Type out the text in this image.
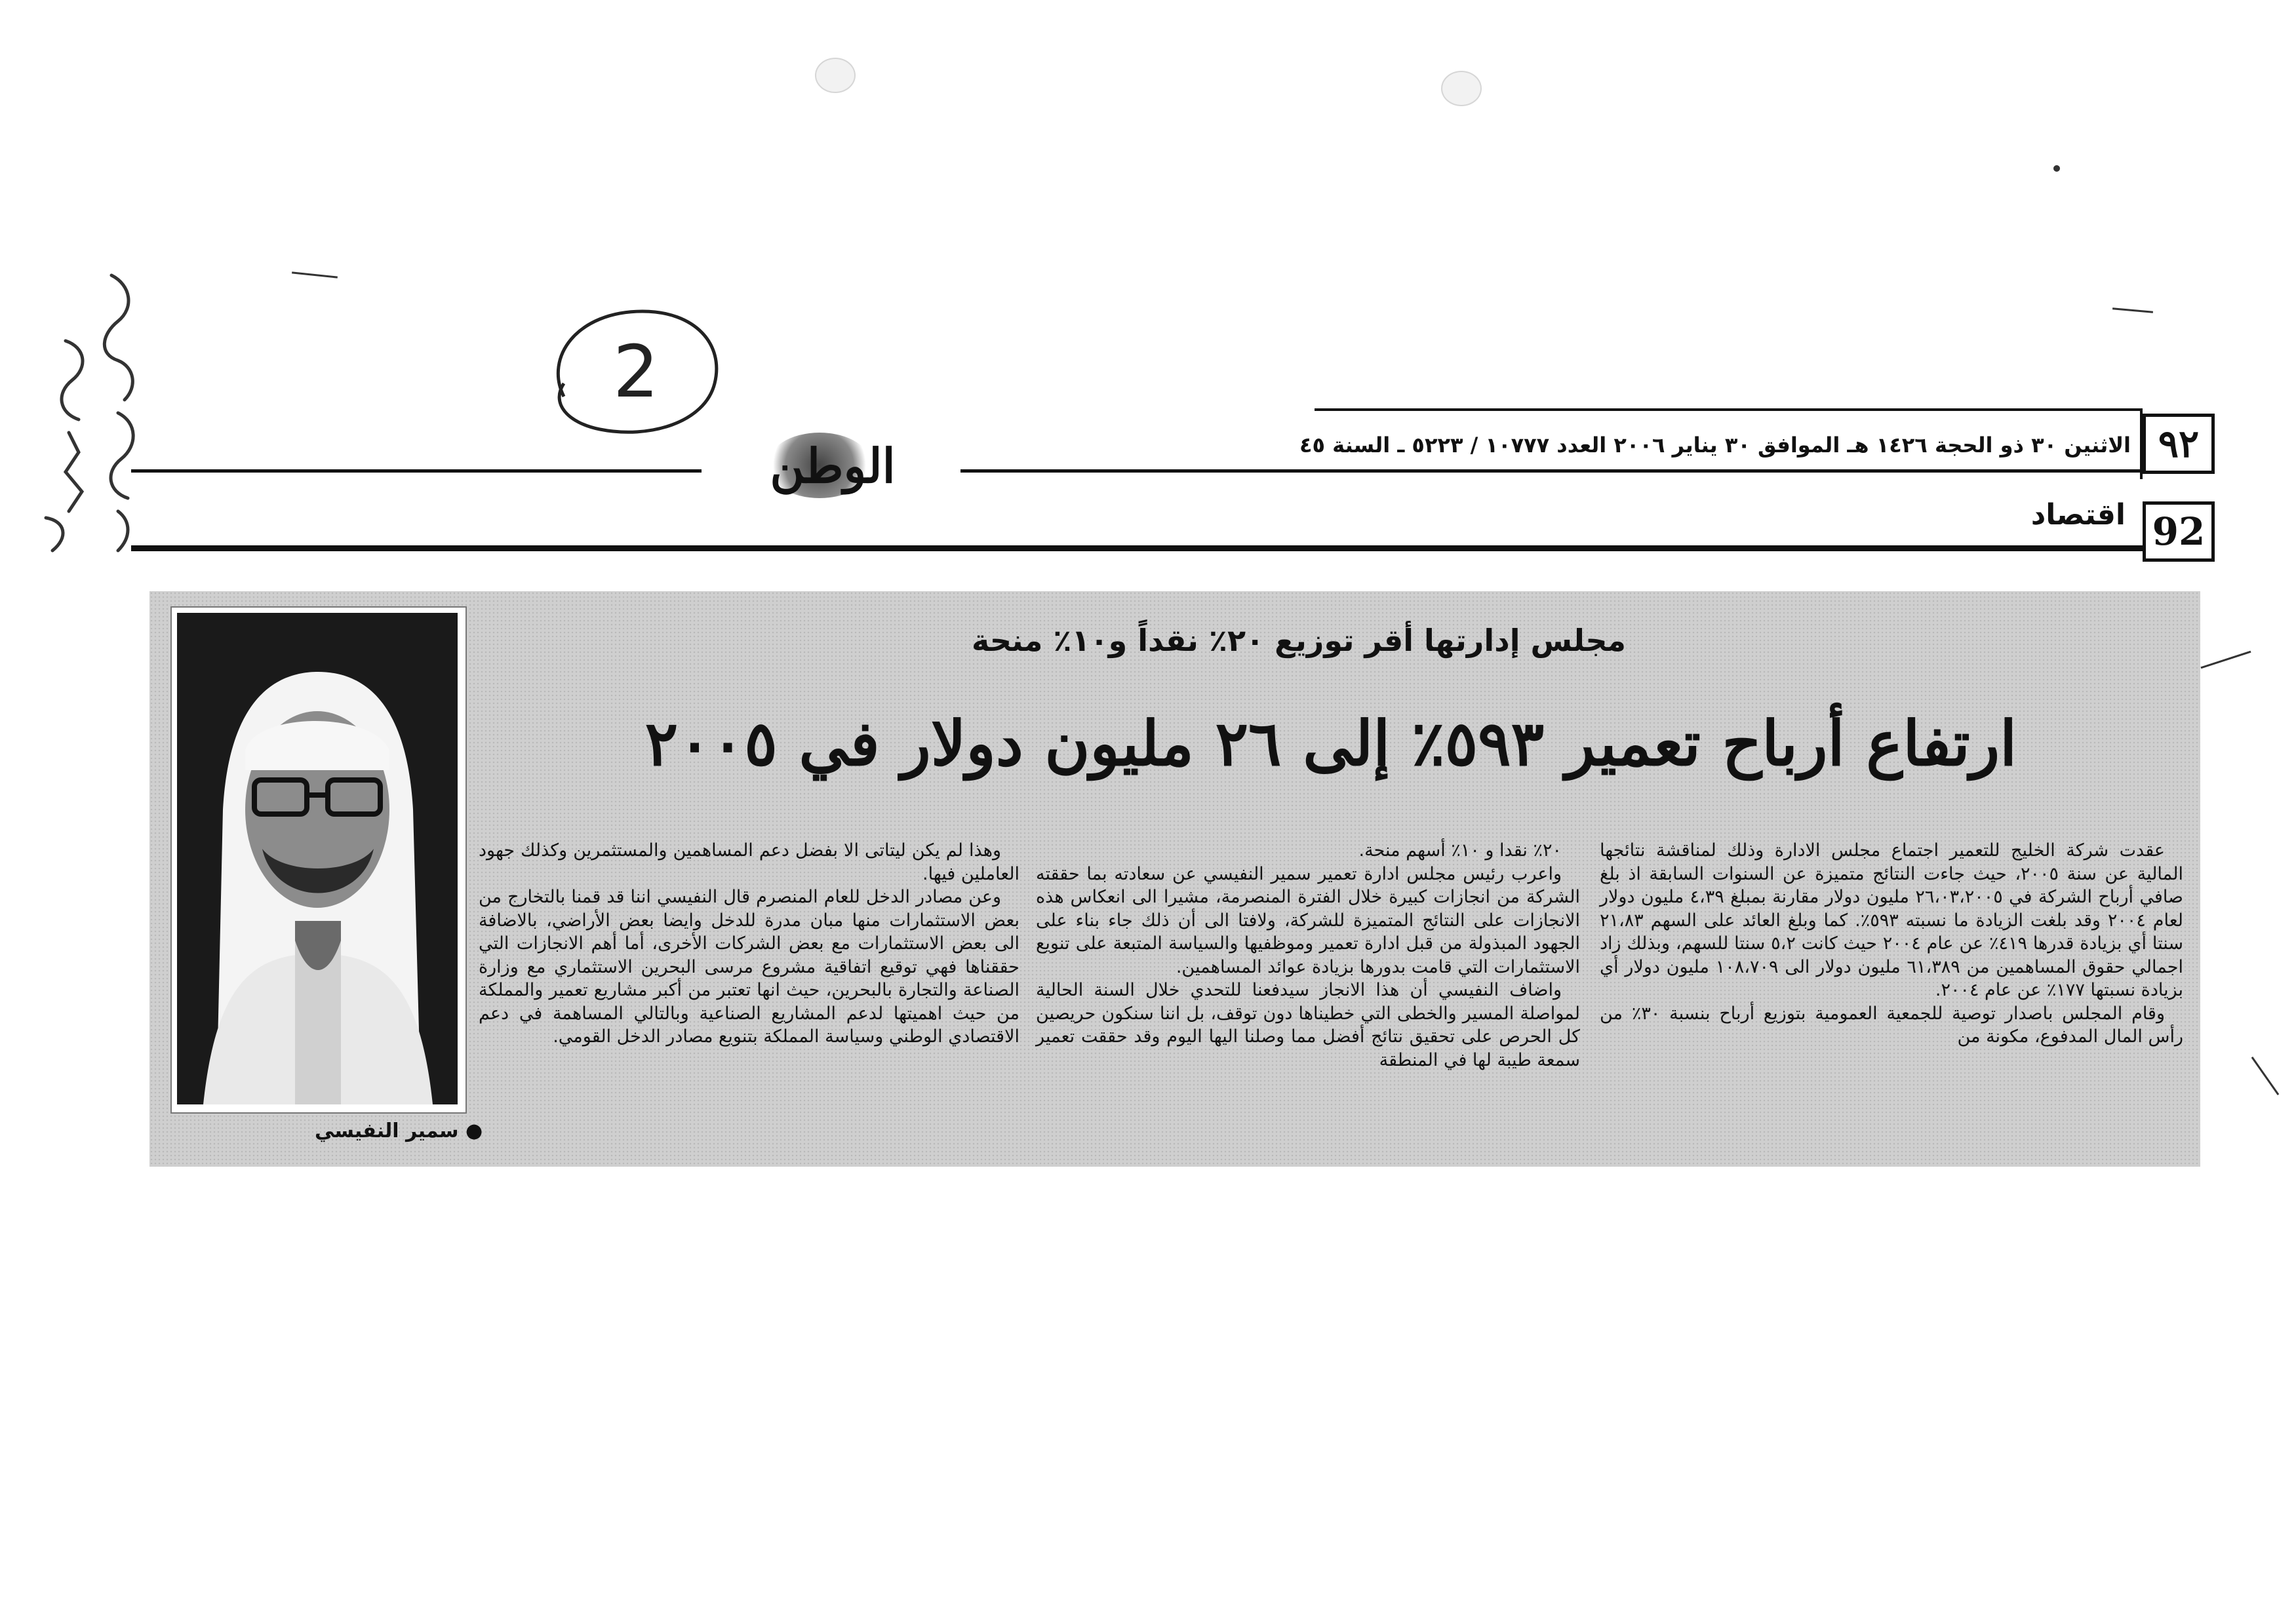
2
الاثنين ٣٠ ذو الحجة ١٤٢٦ هـ الموافق ٣٠ يناير ٢٠٠٦ العدد ١٠٧٧٧ / ٥٢٢٣ ـ السنة ٤٥ ٩٢
92
اقتصاد
الوطن
● سمير النفيسي
مجلس إدارتها أقر توزيع ٢٠٪ نقداً و١٠٪ منحة
ارتفاع أرباح تعمير ٥٩٣٪ إلى ٢٦ مليون دولار في ٢٠٠٥

عقدت شركة الخليج للتعمير اجتماع مجلس الادارة وذلك لمناقشة نتائجها المالية عن سنة ٢٠٠٥، حيث جاءت النتائج متميزة عن السنوات السابقة اذ بلغ صافي أرباح الشركة في ٢٦،٠٣،٢٠٠٥ مليون دولار مقارنة بمبلغ ٤،٣٩ مليون دولار لعام ٢٠٠٤ وقد بلغت الزيادة ما نسبته ٥٩٣٪. كما وبلغ العائد على السهم ٢١،٨٣ سنتا أي بزيادة قدرها ٤١٩٪ عن عام ٢٠٠٤ حيث كانت ٥،٢ سنتا للسهم، وبذلك زاد اجمالي حقوق المساهمين من ٦١،٣٨٩ مليون دولار الى ١٠٨،٧٠٩ مليون دولار أي بزيادة نسبتها ١٧٧٪ عن عام ٢٠٠٤.

وقام المجلس باصدار توصية للجمعية العمومية بتوزيع أرباح بنسبة ٣٠٪ من رأس المال المدفوع، مكونة من

٢٠٪ نقدا و ١٠٪ أسهم منحة.

واعرب رئيس مجلس ادارة تعمير سمير النفيسي عن سعادته بما حققته الشركة من انجازات كبيرة خلال الفترة المنصرمة، مشيرا الى انعكاس هذه الانجازات على النتائج المتميزة للشركة، ولافتا الى أن ذلك جاء بناء على الجهود المبذولة من قبل ادارة تعمير وموظفيها والسياسة المتبعة على تنويع الاستثمارات التي قامت بدورها بزيادة عوائد المساهمين.

واضاف النفيسي أن هذا الانجاز سيدفعنا للتحدي خلال السنة الحالية لمواصلة المسير والخطى التي خطيناها دون توقف، بل اننا سنكون حريصين كل الحرص على تحقيق نتائج أفضل مما وصلنا اليها اليوم وقد حققت تعمير سمعة طيبة لها في المنطقة

وهذا لم يكن ليتاتى الا بفضل دعم المساهمين والمستثمرين وكذلك جهود العاملين فيها.

وعن مصادر الدخل للعام المنصرم قال النفيسي اننا قد قمنا بالتخارج من بعض الاستثمارات منها مبان مدرة للدخل وايضا بعض الأراضي، بالاضافة الى بعض الاستثمارات مع بعض الشركات الأخرى، أما أهم الانجازات التي حققناها فهي توقيع اتفاقية مشروع مرسى البحرين الاستثماري مع وزارة الصناعة والتجارة بالبحرين، حيث انها تعتبر من أكبر مشاريع تعمير والمملكة من حيث اهميتها لدعم المشاريع الصناعية وبالتالي المساهمة في دعم الاقتصادي الوطني وسياسة المملكة بتنويع مصادر الدخل القومي.
